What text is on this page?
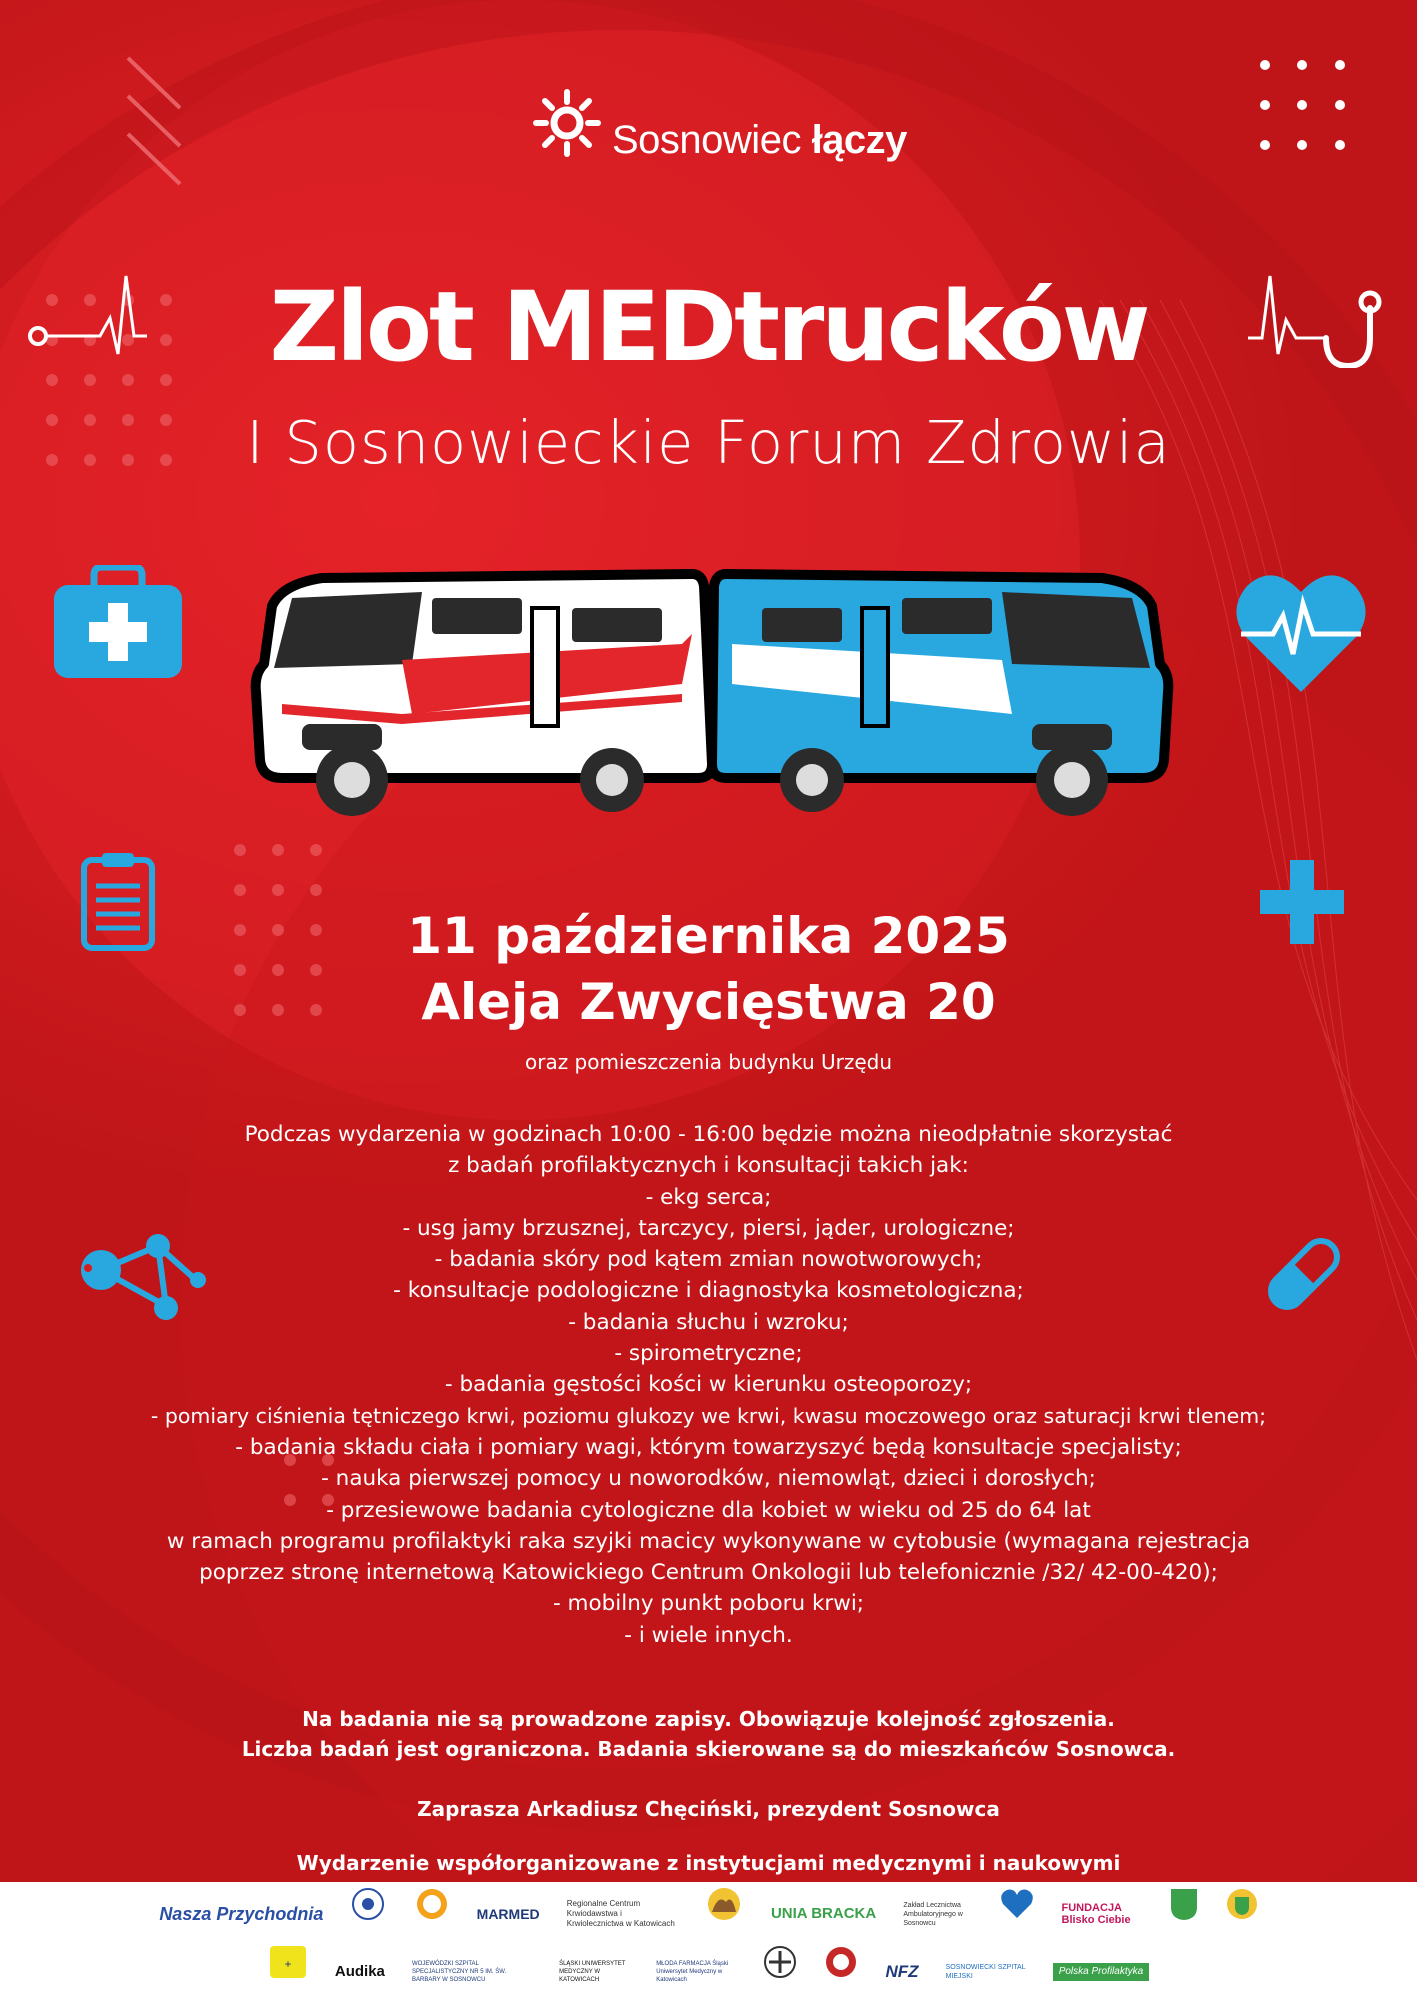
Sosnowiec łączy
Zlot MEDtrucków
I Sosnowieckie Forum Zdrowia
11 października 2025
Aleja Zwycięstwa 20
oraz pomieszczenia budynku Urzędu
Podczas wydarzenia w godzinach 10:00 - 16:00 będzie można nieodpłatnie skorzystać
z badań profilaktycznych i konsultacji takich jak:
- ekg serca;
- usg jamy brzusznej, tarczycy, piersi, jąder, urologiczne;
- badania skóry pod kątem zmian nowotworowych;
- konsultacje podologiczne i diagnostyka kosmetologiczna;
- badania słuchu i wzroku;
- spirometryczne;
- badania gęstości kości w kierunku osteoporozy;
- pomiary ciśnienia tętniczego krwi, poziomu glukozy we krwi, kwasu moczowego oraz saturacji krwi tlenem;
- badania składu ciała i pomiary wagi, którym towarzyszyć będą konsultacje specjalisty;
- nauka pierwszej pomocy u noworodków, niemowląt, dzieci i dorosłych;
- przesiewowe badania cytologiczne dla kobiet w wieku od 25 do 64 lat
w ramach programu profilaktyki raka szyjki macicy wykonywane w cytobusie (wymagana rejestracja
poprzez stronę internetową Katowickiego Centrum Onkologii lub telefonicznie /32/ 42-00-420);
- mobilny punkt poboru krwi;
- i wiele innych.
Na badania nie są prowadzone zapisy. Obowiązuje kolejność zgłoszenia.
Liczba badań jest ograniczona. Badania skierowane są do mieszkańców Sosnowca.
Zaprasza Arkadiusz Chęciński, prezydent Sosnowca
Wydarzenie współorganizowane z instytucjami medycznymi i naukowymi
Nasza Przychodnia	MARMED Regionalne Centrum Krwiodawstwa i Krwiolecznictwa w Katowicach  UNIA BRACKA	Zakład Lecznictwa Ambulatoryjnego w Sosnowcu  FUNDACJA Blisko Ciebie
+	Audika	WOJEWÓDZKI SZPITAL SPECJALISTYCZNY NR 5 IM. ŚW. BARBARY W SOSNOWCU ŚLĄSKI UNIWERSYTET MEDYCZNY W KATOWICACH MŁODA FARMACJA Śląski Uniwersytet Medyczny w Katowicach	NFZ	SOSNOWIECKI SZPITAL MIEJSKI	Polska Profilaktyka
